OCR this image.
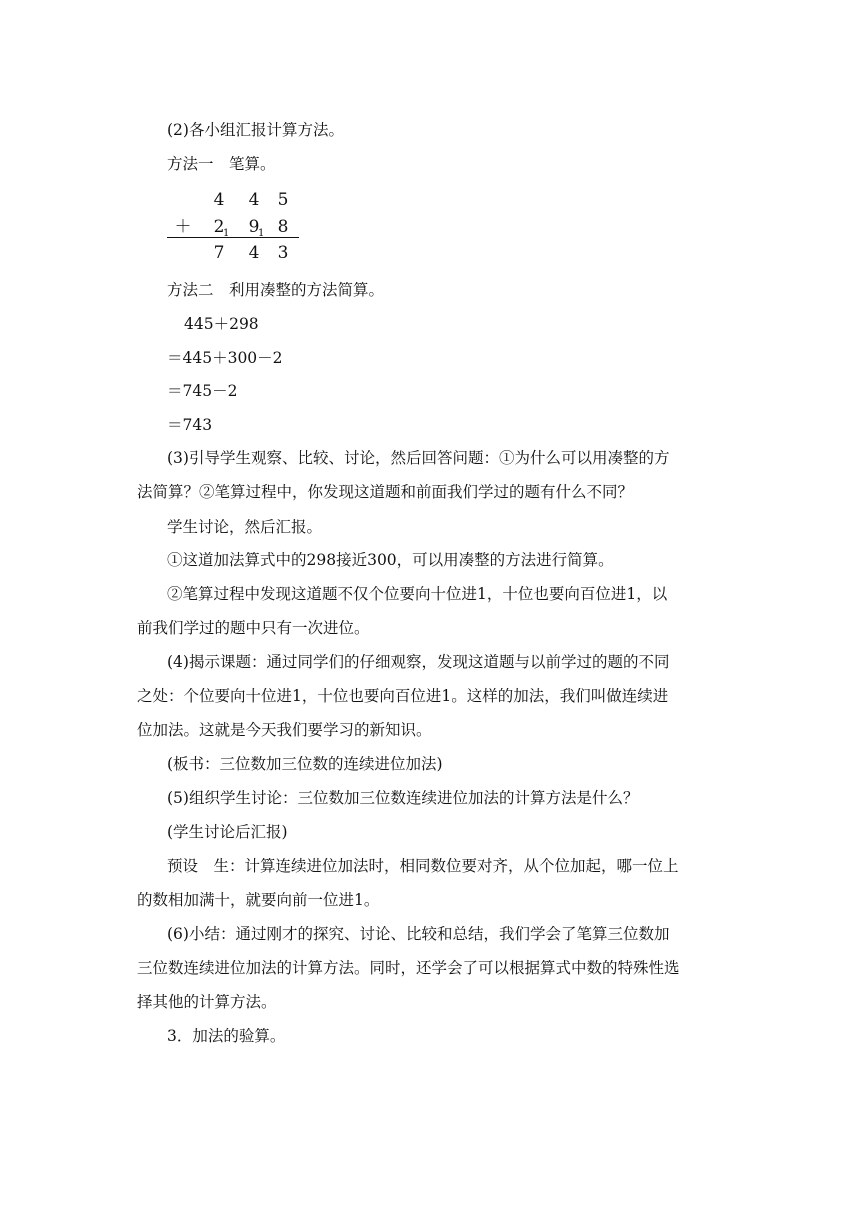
(2)各小组汇报计算方法。
方法一　笔算。
4 4 5
＋ 2
1 9
1 8
7 4 3
方法二　利用凑整的方法简算。
445＋298
＝445＋300－2
＝745－2
＝743
(3)引导学生观察、比较、讨论，然后回答问题：①为什么可以用凑整的方
法简算？②笔算过程中，你发现这道题和前面我们学过的题有什么不同？
学生讨论，然后汇报。
①这道加法算式中的298接近300，可以用凑整的方法进行简算。
②笔算过程中发现这道题不仅个位要向十位进1，十位也要向百位进1，以
前我们学过的题中只有一次进位。
(4)揭示课题：通过同学们的仔细观察，发现这道题与以前学过的题的不同
之处：个位要向十位进1，十位也要向百位进1。这样的加法，我们叫做连续进
位加法。这就是今天我们要学习的新知识。
(板书：三位数加三位数的连续进位加法)
(5)组织学生讨论：三位数加三位数连续进位加法的计算方法是什么？
(学生讨论后汇报)
预设　生：计算连续进位加法时，相同数位要对齐，从个位加起，哪一位上
的数相加满十，就要向前一位进1。
(6)小结：通过刚才的探究、讨论、比较和总结，我们学会了笔算三位数加
三位数连续进位加法的计算方法。同时，还学会了可以根据算式中数的特殊性选
择其他的计算方法。
3．加法的验算。
